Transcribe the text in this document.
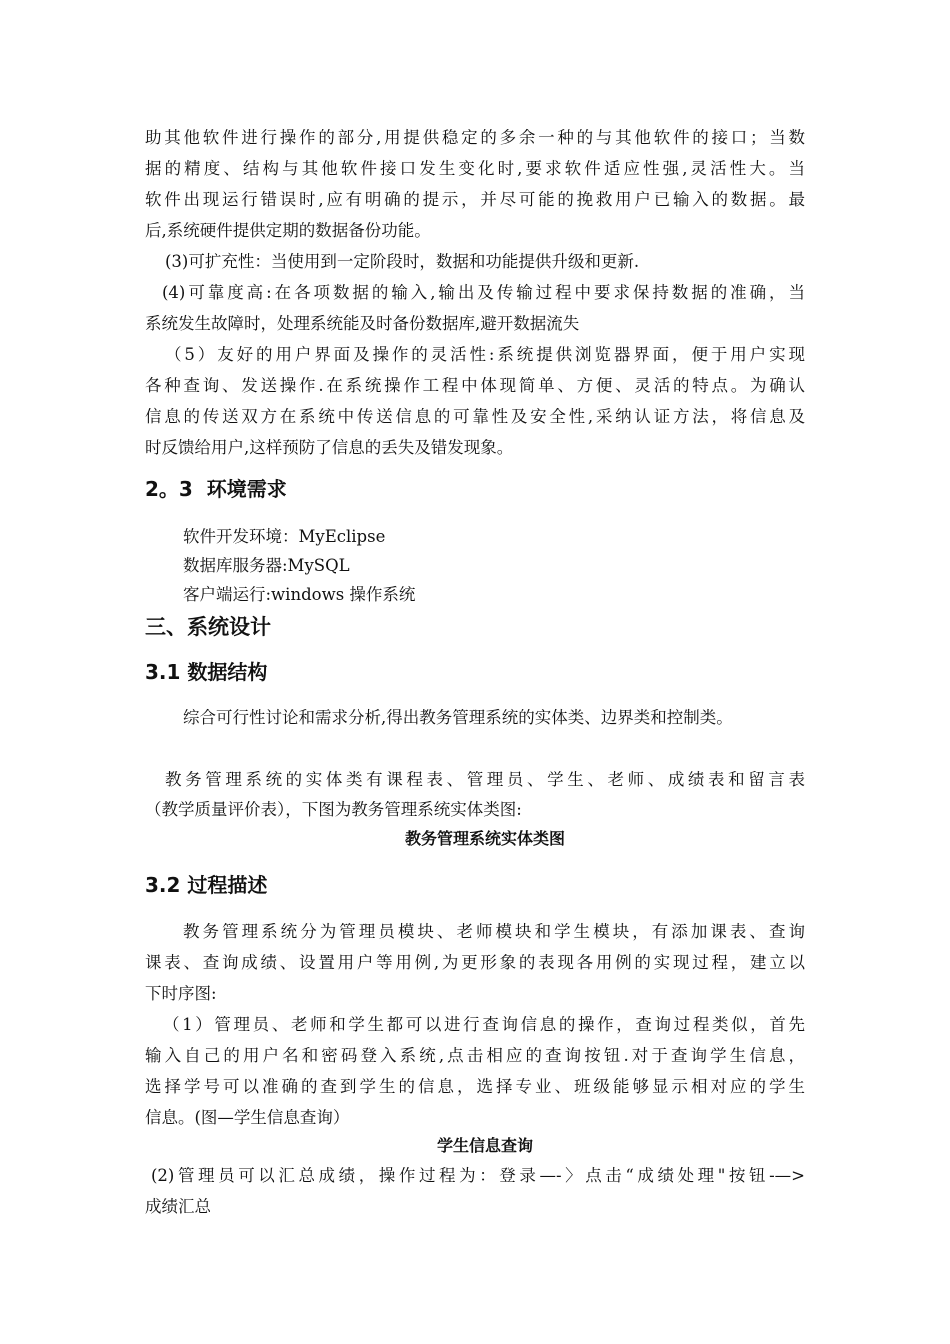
助其他软件进行操作的部分,用提供稳定的多余一种的与其他软件的接口；当数
据的精度、结构与其他软件接口发生变化时,要求软件适应性强,灵活性大。当
软件出现运行错误时,应有明确的提示，并尽可能的挽救用户已输入的数据。最
后,系统硬件提供定期的数据备份功能。
(3)可扩充性：当使用到一定阶段时，数据和功能提供升级和更新.
(4)可靠度高:在各项数据的输入,输出及传输过程中要求保持数据的准确，当
系统发生故障时，处理系统能及时备份数据库,避开数据流失
（5）友好的用户界面及操作的灵活性:系统提供浏览器界面，便于用户实现
各种查询、发送操作.在系统操作工程中体现简单、方便、灵活的特点。为确认
信息的传送双方在系统中传送信息的可靠性及安全性,采纳认证方法，将信息及
时反馈给用户,这样预防了信息的丢失及错发现象。
2。3  环境需求
软件开发环境：MyEclipse
数据库服务器:MySQL
客户端运行:windows 操作系统
三、系统设计
3.1 数据结构
综合可行性讨论和需求分析,得出教务管理系统的实体类、边界类和控制类。
教务管理系统的实体类有课程表、管理员、学生、老师、成绩表和留言表
（教学质量评价表），下图为教务管理系统实体类图:
教务管理系统实体类图
3.2 过程描述
教务管理系统分为管理员模块、老师模块和学生模块，有添加课表、查询
课表、查询成绩、设置用户等用例,为更形象的表现各用例的实现过程，建立以
下时序图:
（1）管理员、老师和学生都可以进行查询信息的操作，查询过程类似，首先
输入自己的用户名和密码登入系统,点击相应的查询按钮.对于查询学生信息，
选择学号可以准确的查到学生的信息，选择专业、班级能够显示相对应的学生
信息。(图—学生信息查询）
学生信息查询
(2)管理员可以汇总成绩，操作过程为：登录—-〉点击“成绩处理"按钮-—>
成绩汇总
